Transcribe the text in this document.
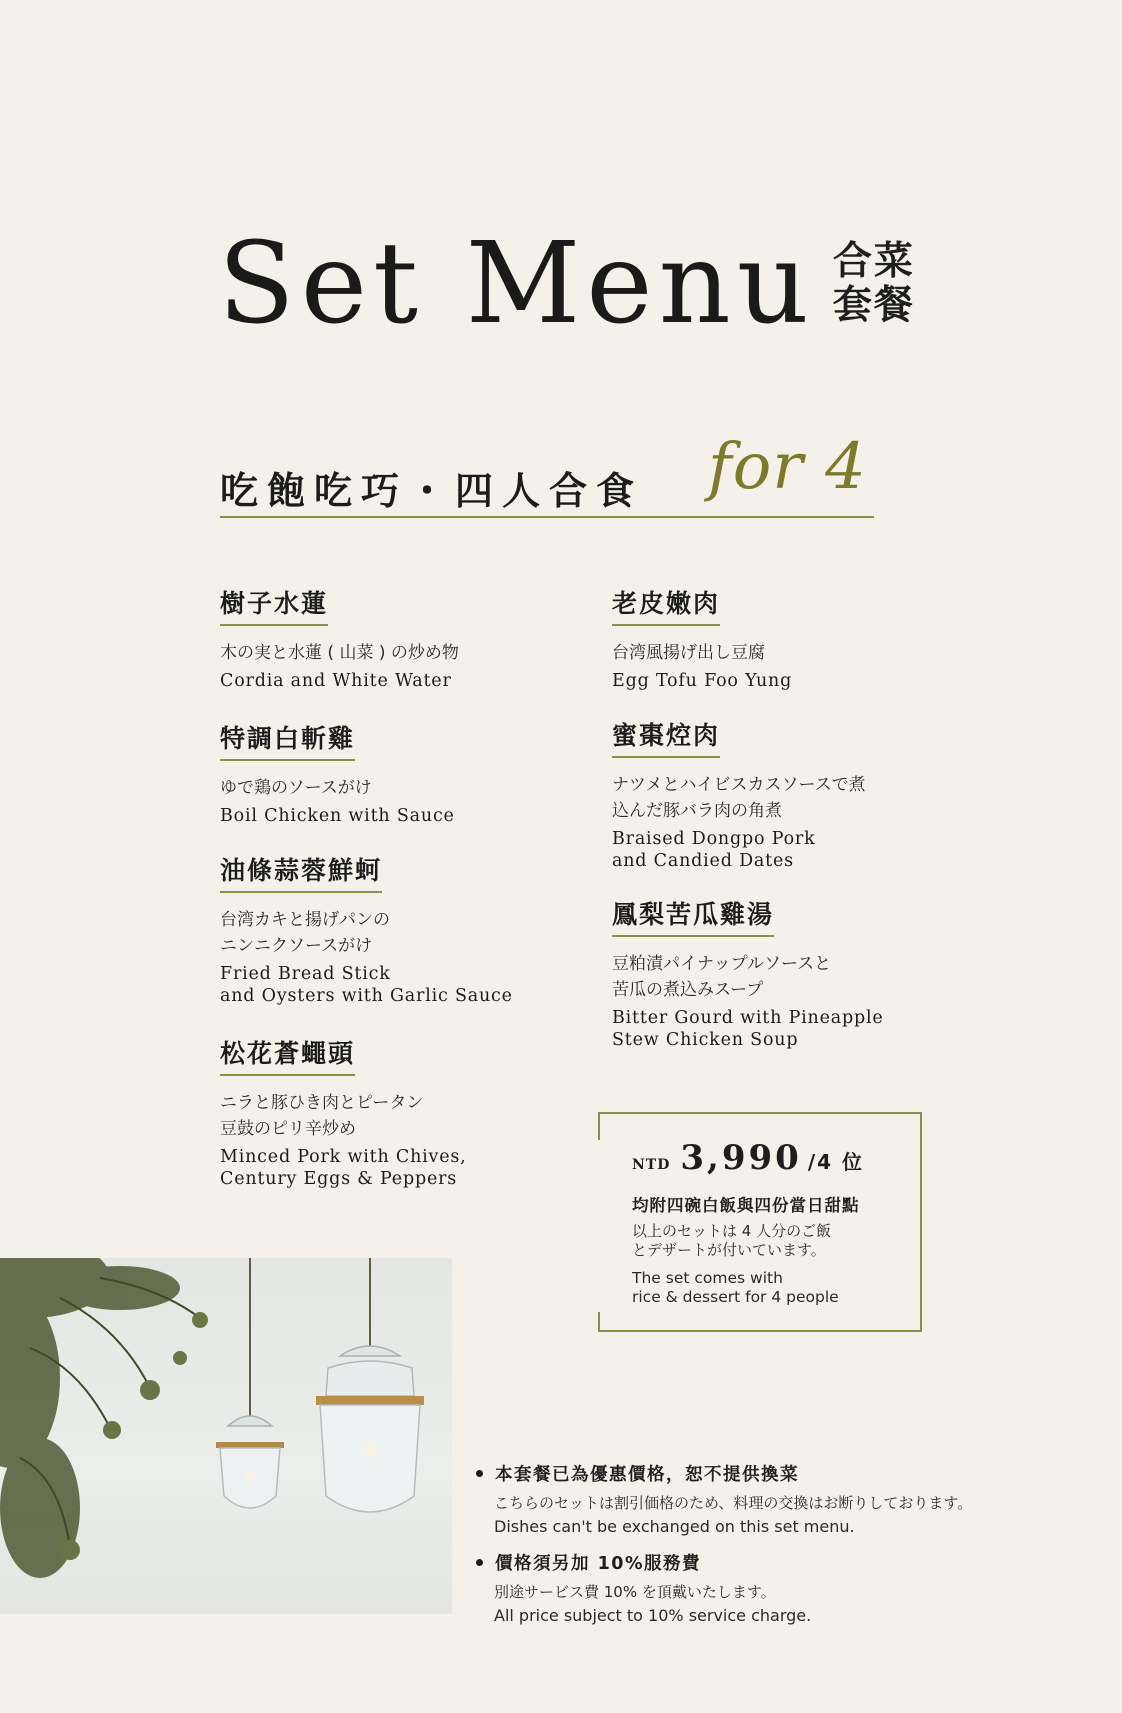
Set Menu 合菜
套餐
吃飽吃巧・四人合食 for 4
樹子水蓮
木の実と水蓮 ( 山菜 ) の炒め物
Cordia and White Water
特調白斬雞
ゆで鶏のソースがけ
Boil Chicken with Sauce
油條蒜蓉鮮蚵
台湾カキと揚げパンの
ニンニクソースがけ
Fried Bread Stick
and Oysters with Garlic Sauce
松花蒼蠅頭
ニラと豚ひき肉とピータン
豆鼓のピリ辛炒め
Minced Pork with Chives,
Century Eggs & Peppers
老皮嫩肉
台湾風揚げ出し豆腐
Egg Tofu Foo Yung
蜜棗焢肉
ナツメとハイビスカスソースで煮
込んだ豚バラ肉の角煮
Braised Dongpo Pork
and Candied Dates
鳳梨苦瓜雞湯
豆粕漬パイナップルソースと
苦瓜の煮込みスープ
Bitter Gourd with Pineapple
Stew Chicken Soup
NTD 3,990 /4 位
均附四碗白飯與四份當日甜點
以上のセットは 4 人分のご飯
とデザートが付いています。
The set comes with
rice & dessert for 4 people
本套餐已為優惠價格，恕不提供換菜
こちらのセットは割引価格のため、料理の交換はお断りしております。
Dishes can't be exchanged on this set menu.
價格須另加 10%服務費
別途サービス費 10% を頂戴いたします。
All price subject to 10% service charge.
